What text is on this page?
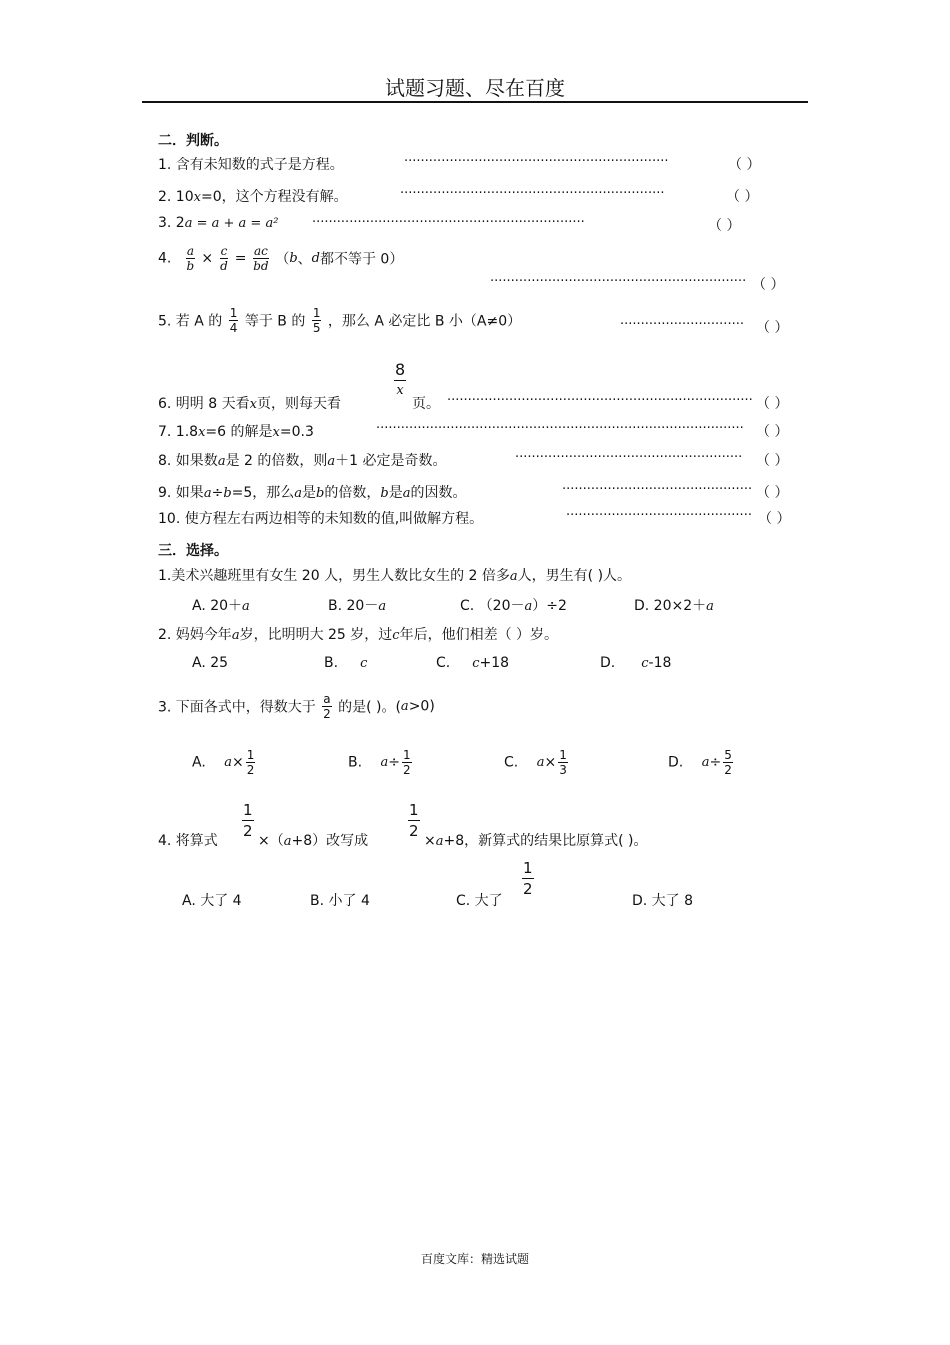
试题习题、尽在百度
二．判断。
1. 含有未知数的式子是方程。	································································	（ ）
2. 10x=0，这个方程没有解。	································································	（ ）
3. 2a = a + a = a²	··································································	（ ）
4. $\frac{a}{b} \times \frac{c}{d} = \frac{ac}{bd} (b$、d都不等于 0）
······························································ （ ）
5. 若 A 的 $\frac{1}{4}$ 等于 B 的 $\frac{1}{5}$ ，那么 A 必定比 B 小（A≠0）	······························ （ ）
6. 明明 8 天看x页，则每天看
$\frac{8}{x}$
页。 ·········································································· （ ）
7. 1.8x=6 的解是x=0.3	························································································· （ ）
8. 如果数a是 2 的倍数，则a＋1 必定是奇数。	······················································· （ ）
9. 如果a÷b=5，那么a是b的倍数，b是a的因数。	·············································· （ ）
10. 使方程左右两边相等的未知数的值,叫做解方程。	············································· （ ）
三．选择。
1.美术兴趣班里有女生 20 人，男生人数比女生的 2 倍多a人，男生有( )人。
A. 20＋a	B. 20－a	C. （20－a）÷2	D. 20×2＋a
2. 妈妈今年a岁，比明明大 25 岁，过c年后，他们相差（ ）岁。
A. 25	B. c	C. c+18	D. c-18
3. 下面各式中，得数大于 $\frac{a}{2}$ 的是( )。(a>0)
A. $a\times \frac{1}{2}$	B. $a\div \frac{1}{2}$	C. $a\times \frac{1}{3}$	D. $a\div \frac{5}{2}$
4. 将算式 $\frac{1}{2} \times(a+8)$改写成	$\frac{1}{2} \times a+8$，新算式的结果比原算式( )。
A. 大了 4	B. 小了 4	C. 大了
$\frac{1}{2}$
D. 大了 8
百度文库：精选试题
